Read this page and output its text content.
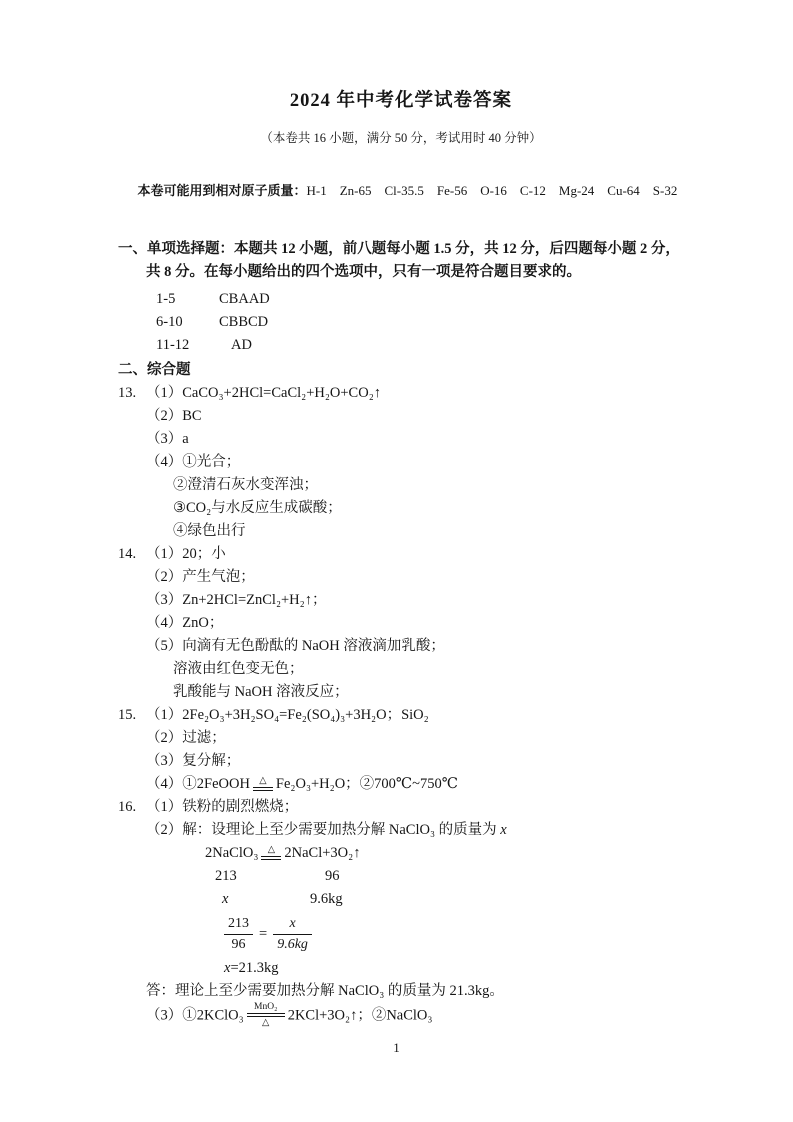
2024 年中考化学试卷答案
（本卷共 16 小题，满分 50 分，考试用时 40 分钟）

本卷可能用到相对原子质量：H-1    Zn-65    Cl-35.5    Fe-56    O-16    C-12    Mg-24    Cu-64    S-32

一、单项选择题：本题共 12 小题，前八题每小题 1.5 分，共 12 分，后四题每小题 2 分，
共 8 分。在每小题给出的四个选项中，只有一项是符合题目要求的。
1-5	CBAAD
6-10	CBBCD
11-12	AD
二、综合题
13. （1）CaCO₃+2HCl=CaCl₂+H₂O+CO₂↑
（2）BC
（3）a
（4）①光合；
②澄清石灰水变浑浊；
③CO₂与水反应生成碳酸；
④绿色出行
14. （1）20；小
（2）产生气泡；
（3）Zn+2HCl=ZnCl₂+H₂↑；
（4）ZnO；
（5）向滴有无色酚酞的 NaOH 溶液滴加乳酸；
溶液由红色变无色；
乳酸能与 NaOH 溶液反应；
15. （1）2Fe₂O₃+3H₂SO₄=Fe₂(SO₄)₃+3H₂O；SiO₂
（2）过滤；
（3）复分解；
（4）①2FeOOH △ Fe₂O₃+H₂O；②700℃~750℃
16. （1）铁粉的剧烈燃烧；
（2）解：设理论上至少需要加热分解 NaClO₃ 的质量为 x
2NaClO₃ △ 2NaCl+3O₂↑
213	96
x	9.6kg
$\frac{213}{96} = \frac{x}{9.6kg}$
x=21.3kg
答：理论上至少需要加热分解 NaClO₃ 的质量为 21.3kg。
（3）①2KClO₃
MnO₂
△ 2KCl+3O₂↑；②NaClO₃
1
